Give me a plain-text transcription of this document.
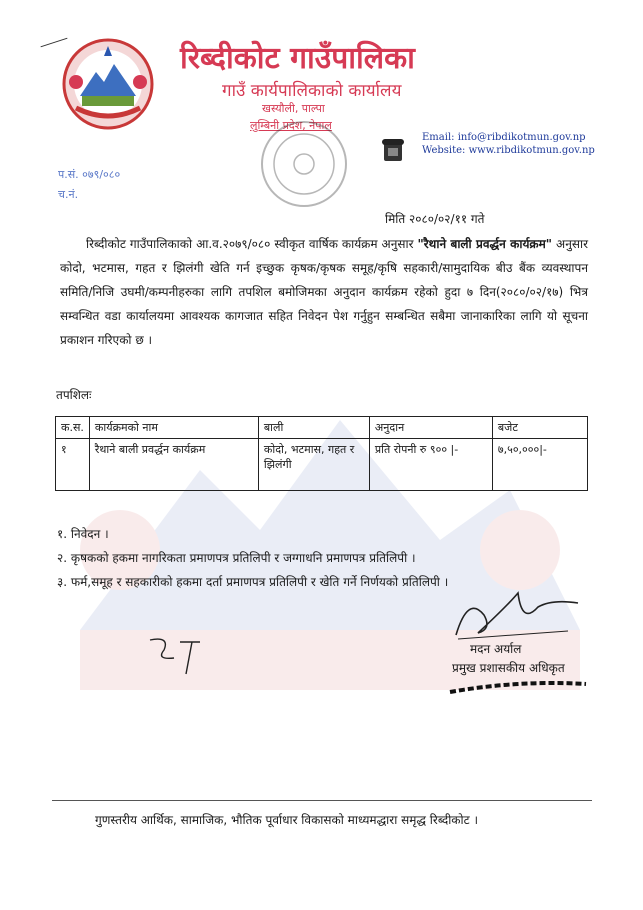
रिब्दीकोट गाउँपालिका
गाउँ कार्यपालिकाको कार्यालय
खस्यौली, पाल्पा
लुम्बिनी प्रदेश, नेपाल
Email: info@ribdikotmun.gov.np
Website: www.ribdikotmun.gov.np
प.सं. ०७९/०८०
च.नं.
मिति २०८०/०२/११ गते
रिब्दीकोट गाउँपालिकाको आ.व.२०७९/०८० स्वीकृत वार्षिक कार्यक्रम अनुसार "रैथाने बाली प्रवर्द्धन कार्यक्रम" अनुसार कोदो, भटमास, गहत र झिलंगी खेति गर्न इच्छुक कृषक/कृषक समूह/कृषि सहकारी/सामुदायिक बीउ बैंक व्यवस्थापन समिति/निजि उघमी/कम्पनीहरुका लागि तपशिल बमोजिमका अनुदान कार्यक्रम रहेको हुदा ७ दिन(२०८०/०२/१७) भित्र सम्वन्धित वडा कार्यालयमा आवश्यक कागजात सहित निवेदन पेश गर्नुहुन सम्बन्धित सबैमा जानाकारिका लागि यो सूचना प्रकाशन गरिएको छ ।
तपशिलः
क.स.	कार्यक्रमको नाम	बाली	अनुदान	बजेट
१	रैथाने बाली प्रवर्द्धन कार्यक्रम	कोदो, भटमास, गहत र झिलंगी	प्रति रोपनी रु ९०० |-	७,५०,०००|-
१. निवेदन ।
२. कृषकको हकमा नागरिकता प्रमाणपत्र प्रतिलिपी र जग्गाधनि प्रमाणपत्र प्रतिलिपी ।
३. फर्म,समूह र सहकारीको हकमा दर्ता प्रमाणपत्र प्रतिलिपी र खेति गर्ने निर्णयको प्रतिलिपी ।
मदन अर्याल
प्रमुख प्रशासकीय अधिकृत
गुणस्तरीय आर्थिक, सामाजिक, भौतिक पूर्वाधार विकासको माध्यमद्धारा समृद्ध रिब्दीकोट ।
